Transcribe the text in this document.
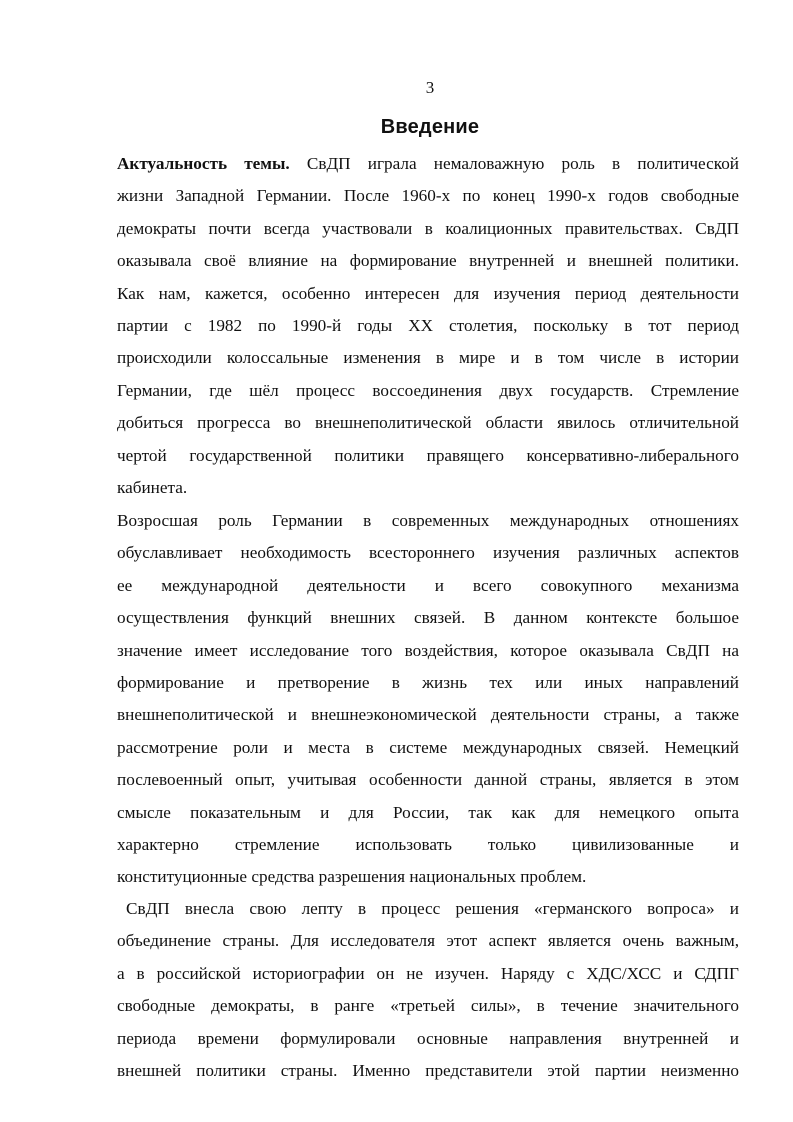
3
Введение
Актуальность темы. СвДП играла немаловажную роль в политической
жизни Западной Германии. После 1960-х по конец 1990-х годов свободные
демократы почти всегда участвовали в коалиционных правительствах. СвДП
оказывала своё влияние на формирование внутренней и внешней политики.
Как нам, кажется, особенно интересен для изучения период деятельности
партии с 1982 по 1990-й годы XX столетия, поскольку в тот период
происходили колоссальные изменения в мире и в том числе в истории
Германии, где шёл процесс воссоединения двух государств. Стремление
добиться прогресса во внешнеполитической области явилось отличительной
чертой государственной политики правящего консервативно-либерального
кабинета.
Возросшая роль Германии в современных международных отношениях
обуславливает необходимость всестороннего изучения различных аспектов
ее международной деятельности и всего совокупного механизма
осуществления функций внешних связей. В данном контексте большое
значение имеет исследование того воздействия, которое оказывала СвДП на
формирование и претворение в жизнь тех или иных направлений
внешнеполитической и внешнеэкономической деятельности страны, а также
рассмотрение роли и места в системе международных связей. Немецкий
послевоенный опыт, учитывая особенности данной страны, является в этом
смысле показательным и для России, так как для немецкого опыта
характерно стремление использовать только цивилизованные и
конституционные средства разрешения национальных проблем.
СвДП внесла свою лепту в процесс решения «германского вопроса» и
объединение страны. Для исследователя этот аспект является очень важным,
а в российской историографии он не изучен. Наряду с ХДС/ХСС и СДПГ
свободные демократы, в ранге «третьей силы», в течение значительного
периода времени формулировали основные направления внутренней и
внешней политики страны. Именно представители этой партии неизменно
